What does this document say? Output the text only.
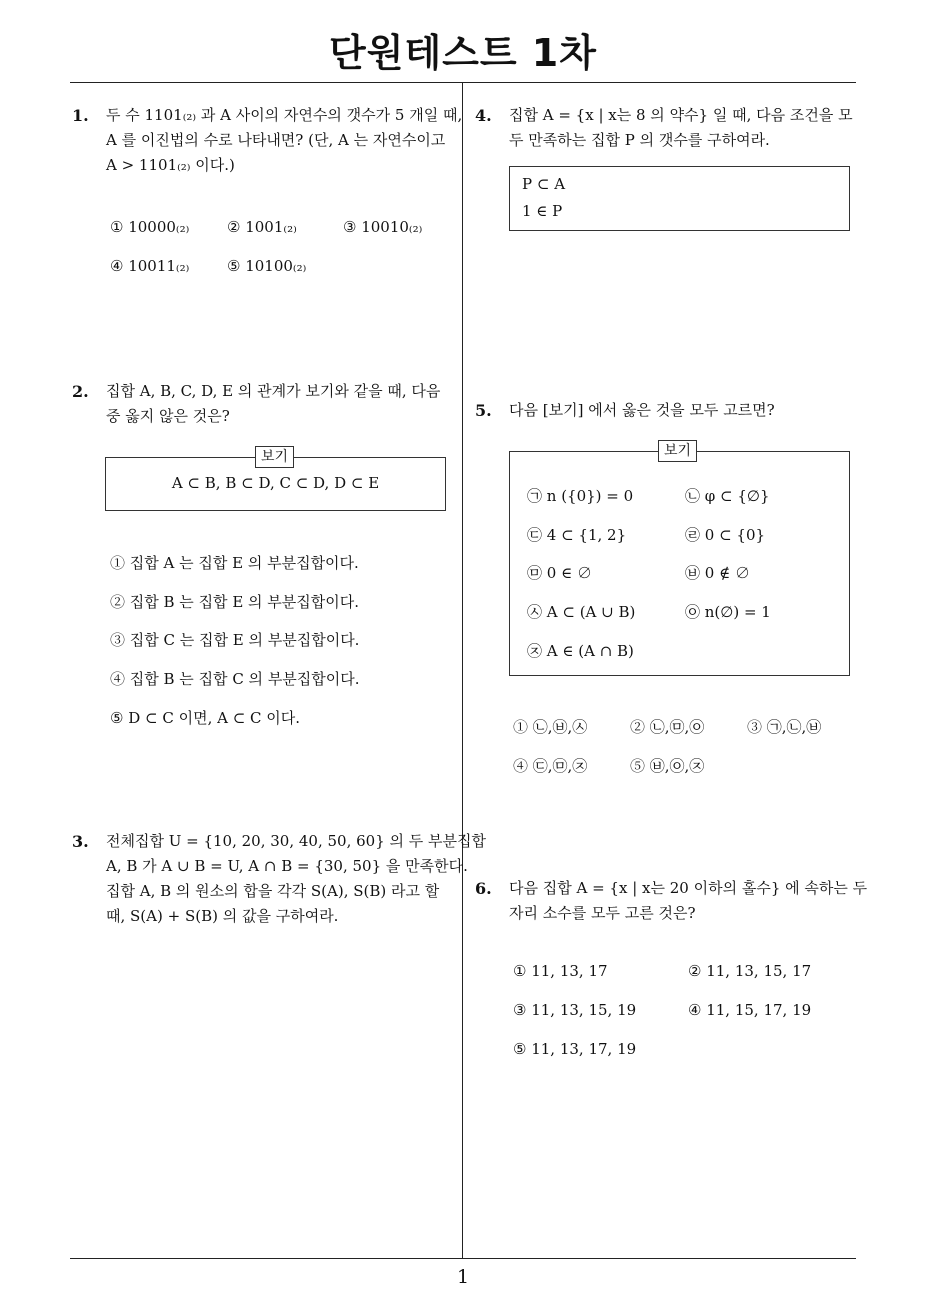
단원테스트 1차
1
1. 두 수 1101₍₂₎ 과 A 사이의 자연수의 갯수가 5 개일 때,
A 를 이진법의 수로 나타내면? (단, A 는 자연수이고
A > 1101₍₂₎ 이다.)
① 10000₍₂₎	② 1001₍₂₎	③ 10010₍₂₎
④ 10011₍₂₎	⑤ 10100₍₂₎
2. 집합 A, B, C, D, E 의 관계가 보기와 같을 때, 다음
중 옳지 않은 것은?
보기
A ⊂ B, B ⊂ D, C ⊂ D, D ⊂ E
① 집합 A 는 집합 E 의 부분집합이다.
② 집합 B 는 집합 E 의 부분집합이다.
③ 집합 C 는 집합 E 의 부분집합이다.
④ 집합 B 는 집합 C 의 부분집합이다.
⑤ D ⊂ C 이면, A ⊂ C 이다.
3. 전체집합 U = {10, 20, 30, 40, 50, 60} 의 두 부분집합
A, B 가 A ∪ B = U, A ∩ B = {30, 50} 을 만족한다.
집합 A, B 의 원소의 합을 각각 S(A), S(B) 라고 할
때, S(A) + S(B) 의 값을 구하여라.
4. 집합 A = {x | x는 8 의 약수} 일 때, 다음 조건을 모
두 만족하는 집합 P 의 갯수를 구하여라.
P ⊂ A
1 ∈ P
5. 다음 [보기] 에서 옳은 것을 모두 고르면?
보기
㉠ n ({0}) = 0	㉡ φ ⊂ {∅}
㉢ 4 ⊂ {1, 2}	㉣ 0 ⊂ {0}
㉤ 0 ∈ ∅	㉥ 0 ∉ ∅
㉦ A ⊂ (A ∪ B)	㉧ n(∅) = 1
㉨ A ∈ (A ∩ B)
① ㉡,㉥,㉦	② ㉡,㉤,㉧	③ ㉠,㉡,㉥
④ ㉢,㉤,㉨	⑤ ㉥,㉧,㉨
6. 다음 집합 A = {x | x는 20 이하의 홀수} 에 속하는 두
자리 소수를 모두 고른 것은?
① 11, 13, 17	② 11, 13, 15, 17
③ 11, 13, 15, 19	④ 11, 15, 17, 19
⑤ 11, 13, 17, 19
